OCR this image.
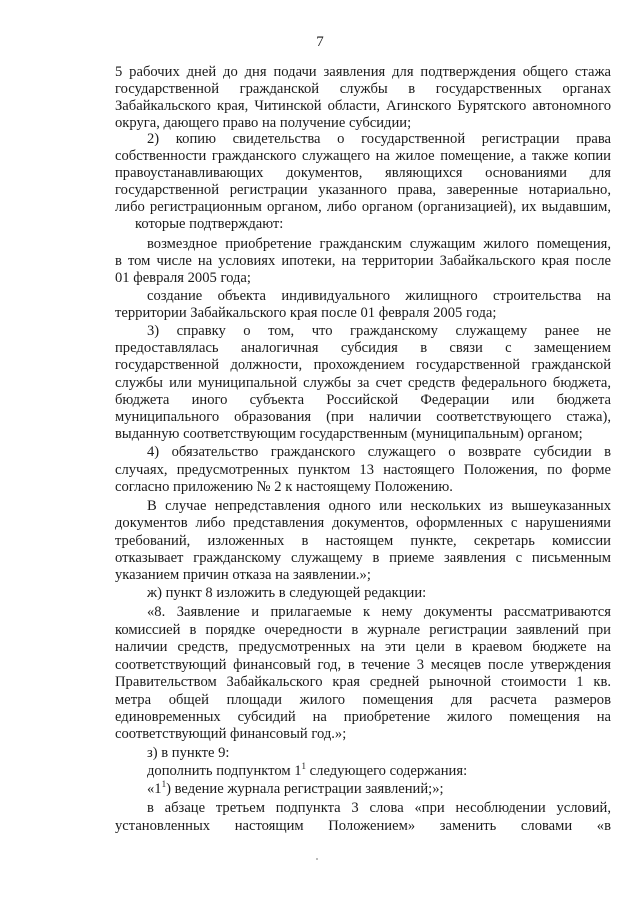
7
5 рабочих дней до дня подачи заявления для подтверждения общего стажа
государственной гражданской службы в государственных органах
Забайкальского края, Читинской области, Агинского Бурятского автономного
округа, дающего право на получение субсидии;
2) копию свидетельства о государственной регистрации права
собственности гражданского служащего на жилое помещение, а также копии
правоустанавливающих документов, являющихся основаниями для
государственной регистрации указанного права, заверенные нотариально,
либо регистрационным органом, либо органом (организацией), их выдавшим,
которые подтверждают:
возмездное приобретение гражданским служащим жилого помещения,
в том числе на условиях ипотеки, на территории Забайкальского края после
01 февраля 2005 года;
создание объекта индивидуального жилищного строительства на
территории Забайкальского края после 01 февраля 2005 года;
3) справку о том, что гражданскому служащему ранее не
предоставлялась аналогичная субсидия в связи с замещением
государственной должности, прохождением государственной гражданской
службы или муниципальной службы за счет средств федерального бюджета,
бюджета иного субъекта Российской Федерации или бюджета
муниципального образования (при наличии соответствующего стажа),
выданную соответствующим государственным (муниципальным) органом;
4) обязательство гражданского служащего о возврате субсидии в
случаях, предусмотренных пунктом 13 настоящего Положения, по форме
согласно приложению № 2 к настоящему Положению.
В случае непредставления одного или нескольких из вышеуказанных
документов либо представления документов, оформленных с нарушениями
требований, изложенных в настоящем пункте, секретарь комиссии
отказывает гражданскому служащему в приеме заявления с письменным
указанием причин отказа на заявлении.»;
ж) пункт 8 изложить в следующей редакции:
«8. Заявление и прилагаемые к нему документы рассматриваются
комиссией в порядке очередности в журнале регистрации заявлений при
наличии средств, предусмотренных на эти цели в краевом бюджете на
соответствующий финансовый год, в течение 3 месяцев после утверждения
Правительством Забайкальского края средней рыночной стоимости 1 кв.
метра общей площади жилого помещения для расчета размеров
единовременных субсидий на приобретение жилого помещения на
соответствующий финансовый год.»;
з) в пункте 9:
дополнить подпунктом $1^1$ следующего содержания:
«$1^1$) ведение журнала регистрации заявлений;»;
в абзаце третьем подпункта 3 слова «при несоблюдении условий,
установленных настоящим Положением» заменить словами «в
